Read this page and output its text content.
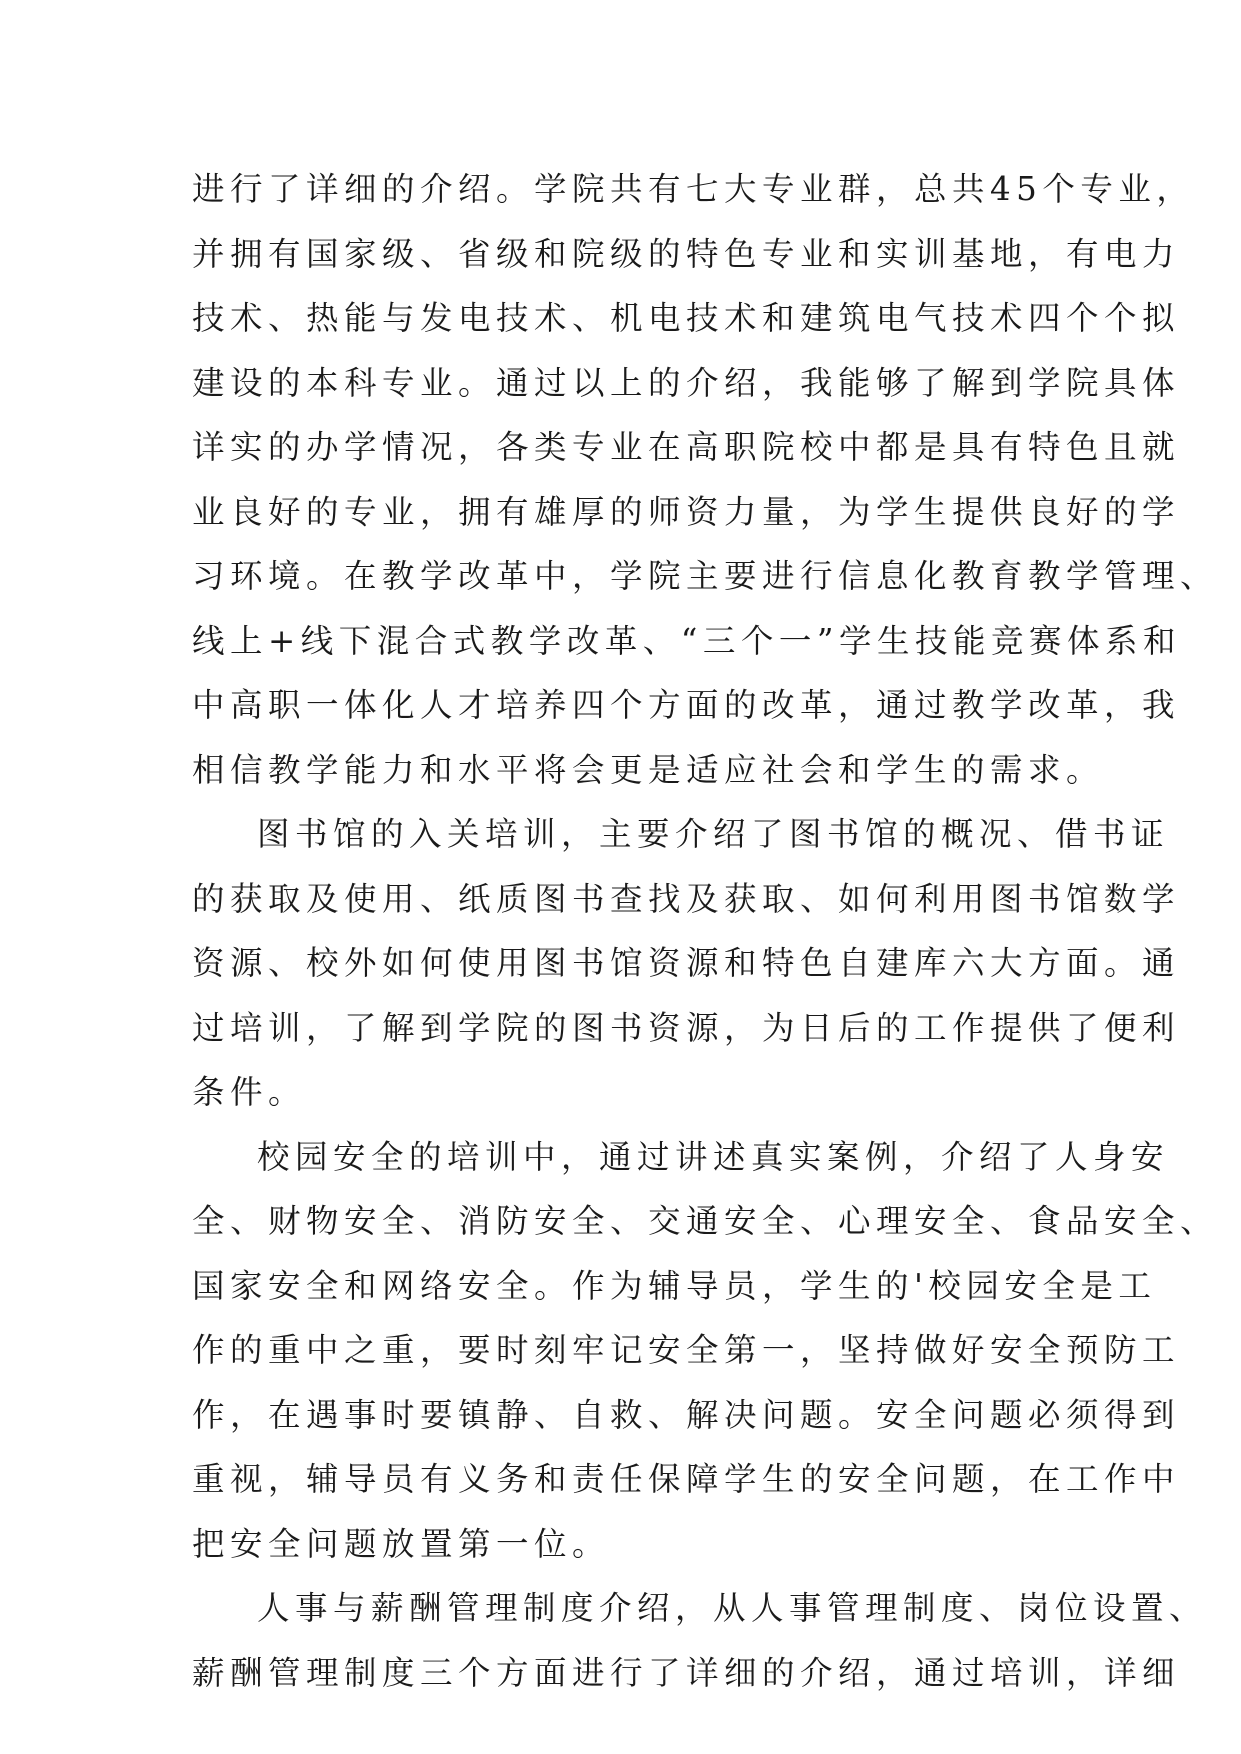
进行了详细的介绍。学院共有七大专业群，总共45个专业，
并拥有国家级、省级和院级的特色专业和实训基地，有电力
技术、热能与发电技术、机电技术和建筑电气技术四个个拟
建设的本科专业。通过以上的介绍，我能够了解到学院具体
详实的办学情况，各类专业在高职院校中都是具有特色且就
业良好的专业，拥有雄厚的师资力量，为学生提供良好的学
习环境。在教学改革中，学院主要进行信息化教育教学管理、
线上+线下混合式教学改革、“三个一”学生技能竞赛体系和
中高职一体化人才培养四个方面的改革，通过教学改革，我
相信教学能力和水平将会更是适应社会和学生的需求。
图书馆的入关培训，主要介绍了图书馆的概况、借书证
的获取及使用、纸质图书查找及获取、如何利用图书馆数学
资源、校外如何使用图书馆资源和特色自建库六大方面。通
过培训，了解到学院的图书资源，为日后的工作提供了便利
条件。
校园安全的培训中，通过讲述真实案例，介绍了人身安
全、财物安全、消防安全、交通安全、心理安全、食品安全、
国家安全和网络安全。作为辅导员，学生的'校园安全是工
作的重中之重，要时刻牢记安全第一，坚持做好安全预防工
作，在遇事时要镇静、自救、解决问题。安全问题必须得到
重视，辅导员有义务和责任保障学生的安全问题，在工作中
把安全问题放置第一位。
人事与薪酬管理制度介绍，从人事管理制度、岗位设置、
薪酬管理制度三个方面进行了详细的介绍，通过培训，详细
